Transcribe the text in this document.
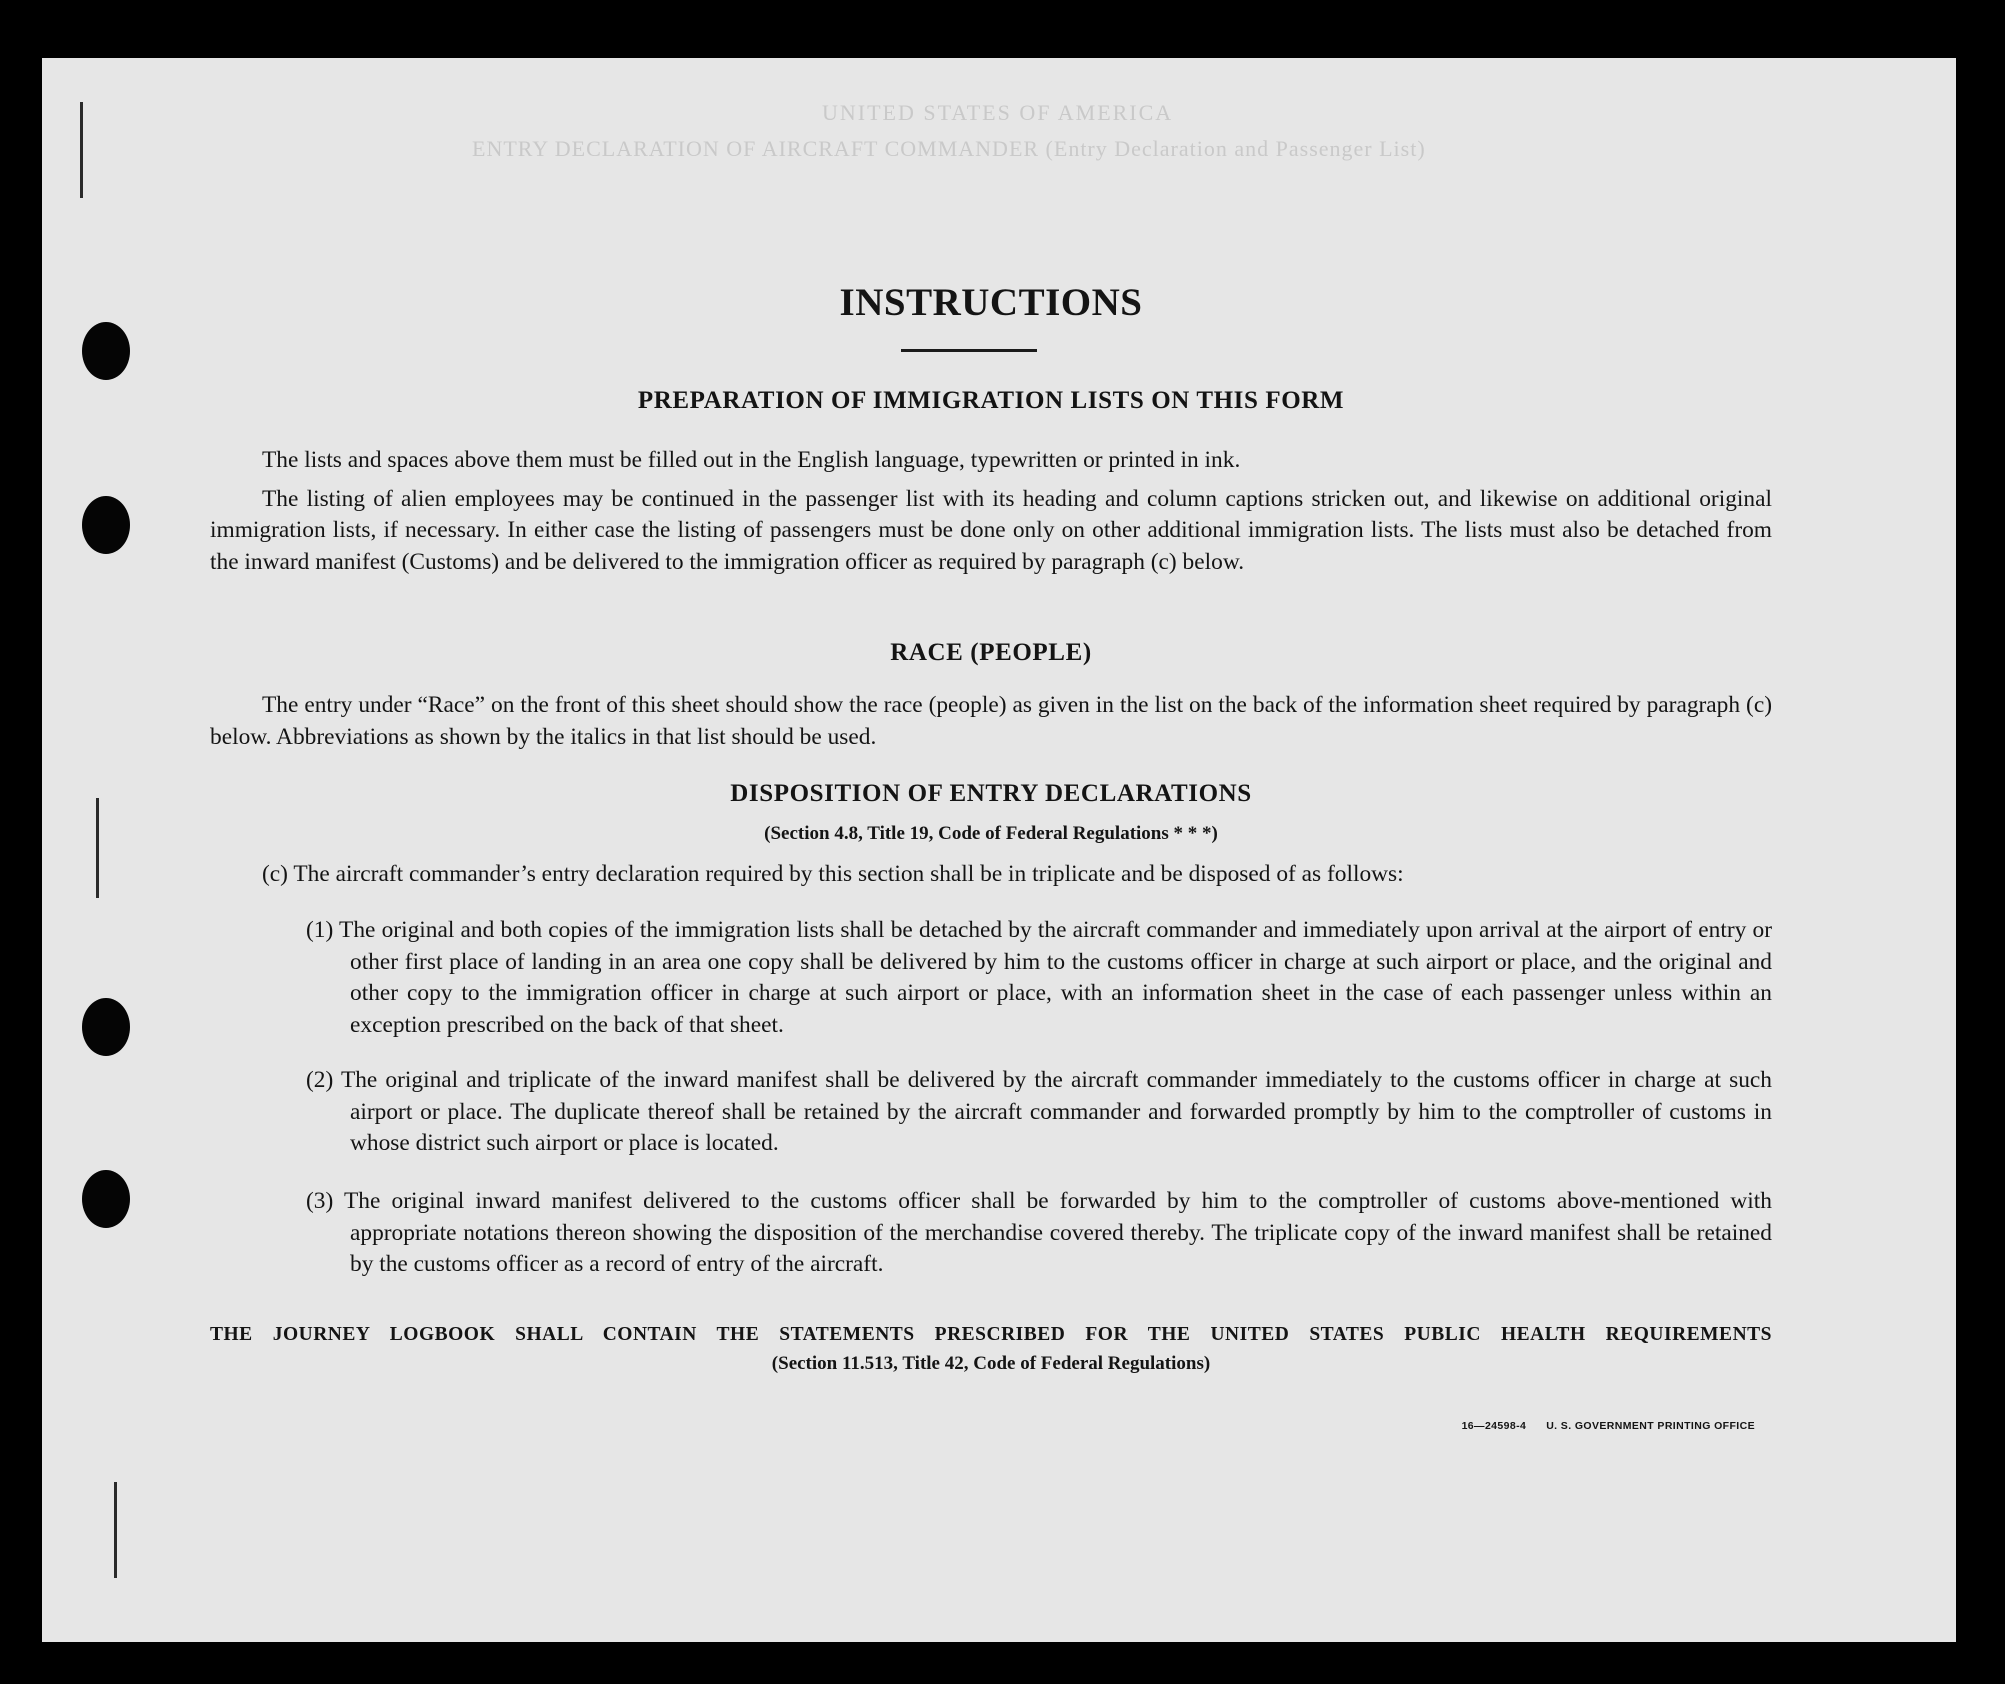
UNITED STATES OF AMERICA
ENTRY DECLARATION OF AIRCRAFT COMMANDER (Entry Declaration and Passenger List)
INSTRUCTIONS
PREPARATION OF IMMIGRATION LISTS ON THIS FORM

The lists and spaces above them must be filled out in the English language, typewritten or printed in ink.

The listing of alien employees may be continued in the passenger list with its heading and column captions stricken out, and likewise on additional original immigration lists, if necessary. In either case the listing of passengers must be done only on other additional immigration lists. The lists must also be detached from the inward manifest (Customs) and be delivered to the immigration officer as required by paragraph (c) below.

RACE (PEOPLE)

The entry under “Race” on the front of this sheet should show the race (people) as given in the list on the back of the information sheet required by paragraph (c) below. Abbreviations as shown by the italics in that list should be used.

DISPOSITION OF ENTRY DECLARATIONS
(Section 4.8, Title 19, Code of Federal Regulations * * *)
(c) The aircraft commander’s entry declaration required by this section shall be in triplicate and be disposed of as follows:
(1) The original and both copies of the immigration lists shall be detached by the aircraft commander and immediately upon arrival at the airport of entry or other first place of landing in an area one copy shall be delivered by him to the customs officer in charge at such airport or place, and the original and other copy to the immigration officer in charge at such airport or place, with an information sheet in the case of each passenger unless within an exception prescribed on the back of that sheet.
(2) The original and triplicate of the inward manifest shall be delivered by the aircraft commander immediately to the customs officer in charge at such airport or place. The duplicate thereof shall be retained by the aircraft commander and forwarded promptly by him to the comptroller of customs in whose district such airport or place is located.
(3) The original inward manifest delivered to the customs officer shall be forwarded by him to the comptroller of customs above-mentioned with appropriate notations thereon showing the disposition of the merchandise covered thereby. The triplicate copy of the inward manifest shall be retained by the customs officer as a record of entry of the aircraft.
THE JOURNEY LOGBOOK SHALL CONTAIN THE STATEMENTS PRESCRIBED FOR THE UNITED STATES PUBLIC HEALTH REQUIREMENTS
(Section 11.513, Title 42, Code of Federal Regulations)
16—24598-4 U. S. GOVERNMENT PRINTING OFFICE
